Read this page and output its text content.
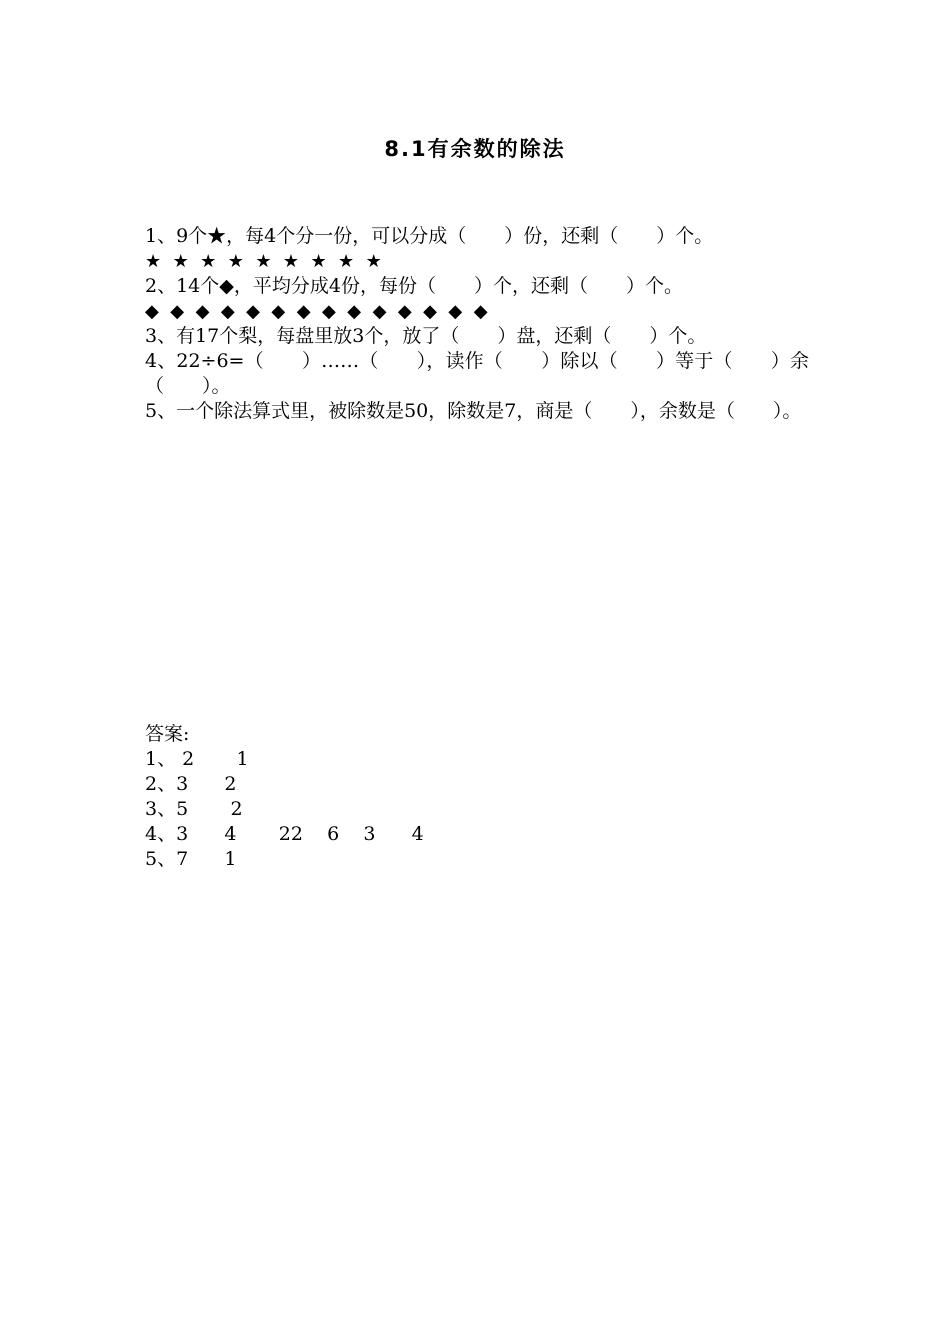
8.1有余数的除法

1、9个★，每4个分一份，可以分成（　　）份，还剩（　　）个。

★  ★  ★  ★  ★  ★  ★  ★  ★

2、14个◆，平均分成4份，每份（　　）个，还剩（　　）个。

◆  ◆  ◆  ◆  ◆  ◆  ◆  ◆  ◆  ◆  ◆  ◆  ◆  ◆

3、有17个梨，每盘里放3个，放了（　　）盘，还剩（　　）个。

4、22÷6=（　　）……（　　），读作（　　）除以（　　）等于（　　）余（　　）。

5、一个除法算式里，被除数是50，除数是7，商是（　　），余数是（　　）。

答案:

1、 2       1

2、3      2

3、5       2

4、3      4       22    6    3      4

5、7      1
